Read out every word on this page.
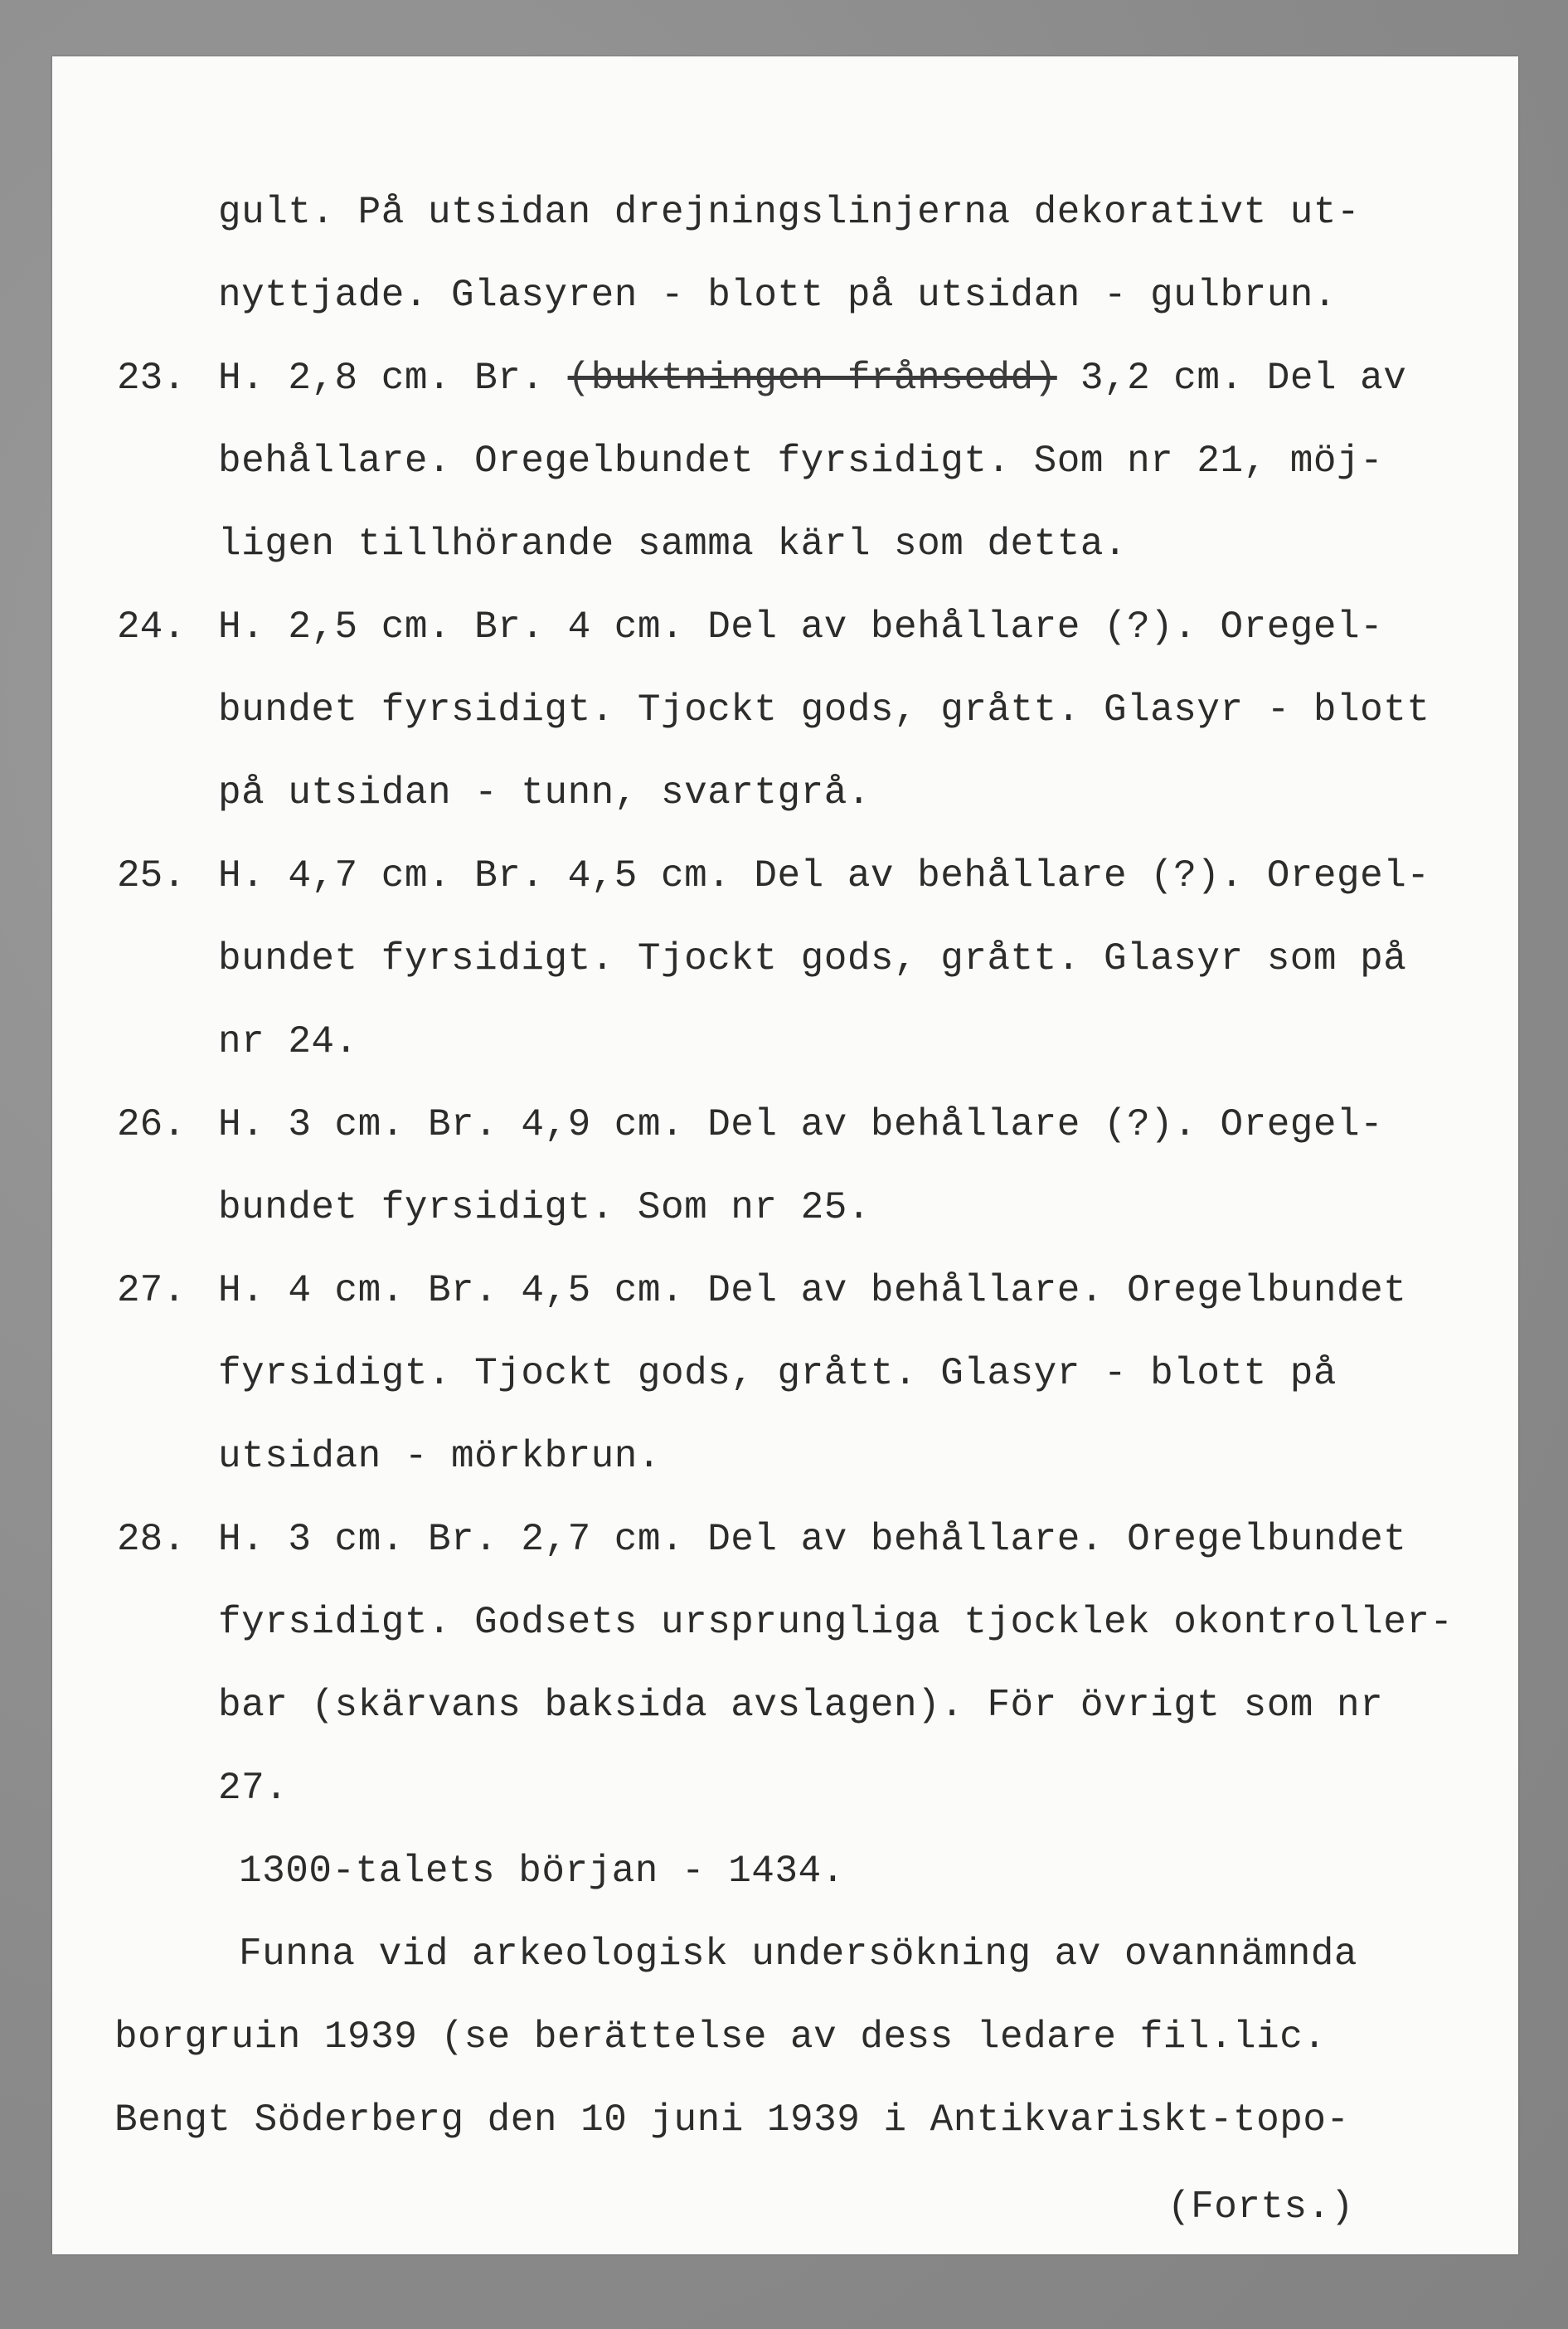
gult. På utsidan drejningslinjerna dekorativt ut-
nyttjade. Glasyren - blott på utsidan - gulbrun.
23. H. 2,8 cm. Br. (buktningen frånsedd) 3,2 cm. Del av
behållare. Oregelbundet fyrsidigt. Som nr 21, möj-
ligen tillhörande samma kärl som detta.
24. H. 2,5 cm. Br. 4 cm. Del av behållare (?). Oregel-
bundet fyrsidigt. Tjockt gods, grått. Glasyr - blott
på utsidan - tunn, svartgrå.
25. H. 4,7 cm. Br. 4,5 cm. Del av behållare (?). Oregel-
bundet fyrsidigt. Tjockt gods, grått. Glasyr som på
nr 24.
26. H. 3 cm. Br. 4,9 cm. Del av behållare (?). Oregel-
bundet fyrsidigt. Som nr 25.
27. H. 4 cm. Br. 4,5 cm. Del av behållare. Oregelbundet
fyrsidigt. Tjockt gods, grått. Glasyr - blott på
utsidan - mörkbrun.
28. H. 3 cm. Br. 2,7 cm. Del av behållare. Oregelbundet
fyrsidigt. Godsets ursprungliga tjocklek okontroller-
bar (skärvans baksida avslagen). För övrigt som nr
27.
1300-talets början - 1434.
Funna vid arkeologisk undersökning av ovannämnda
borgruin 1939 (se berättelse av dess ledare fil.lic.
Bengt Söderberg den 10 juni 1939 i Antikvariskt-topo-
(Forts.)
